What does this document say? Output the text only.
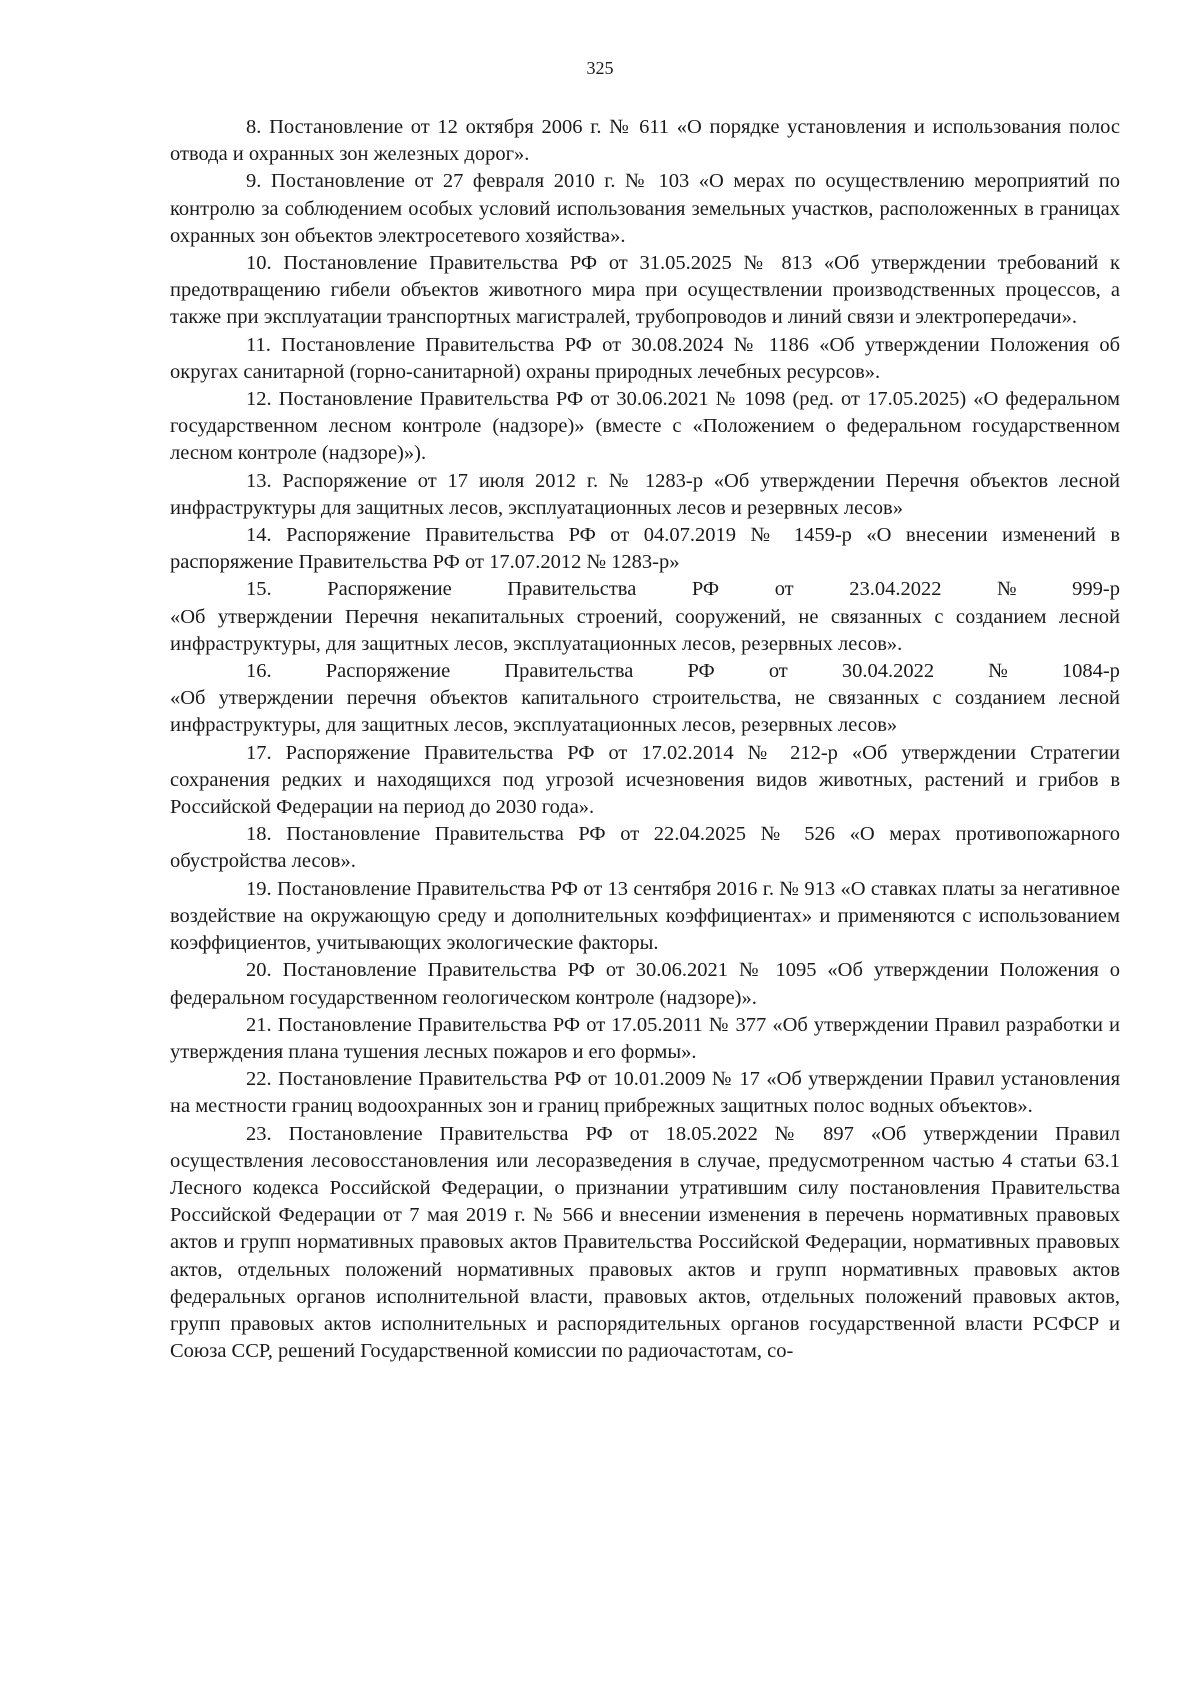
325

8. Постановление от 12 октября 2006 г. № 611 «О порядке установления и использования полос отвода и охранных зон железных дорог».

9. Постановление от 27 февраля 2010 г. № 103 «О мерах по осуществлению мероприятий по контролю за соблюдением особых условий использования земельных участков, расположенных в границах охранных зон объектов электросетевого хозяйства».

10. Постановление Правительства РФ от 31.05.2025 № 813 «Об утверждении требований к предотвращению гибели объектов животного мира при осуществлении производственных процессов, а также при эксплуатации транспортных магистралей, трубопроводов и линий связи и электропередачи».

11. Постановление Правительства РФ от 30.08.2024 № 1186 «Об утверждении Положения об округах санитарной (горно-санитарной) охраны природных лечебных ресурсов».

12. Постановление Правительства РФ от 30.06.2021 № 1098 (ред. от 17.05.2025) «О федеральном государственном лесном контроле (надзоре)» (вместе с «Положением о федеральном государственном лесном контроле (надзоре)»).

13. Распоряжение от 17 июля 2012 г. № 1283-р «Об утверждении Перечня объектов лесной инфраструктуры для защитных лесов, эксплуатационных лесов и резервных лесов»

14. Распоряжение Правительства РФ от 04.07.2019 № 1459-р «О внесении изменений в распоряжение Правительства РФ от 17.07.2012 № 1283-р»

15.	Распоряжение	Правительства	РФ	от	23.04.2022	№	999-р
«Об утверждении Перечня некапитальных строений, сооружений, не связанных с созданием лесной инфраструктуры, для защитных лесов, эксплуатационных лесов, резервных лесов».
16.	Распоряжение	Правительства	РФ	от	30.04.2022	№	1084-р
«Об утверждении перечня объектов капитального строительства, не связанных с созданием лесной инфраструктуры, для защитных лесов, эксплуатационных лесов, резервных лесов»

17. Распоряжение Правительства РФ от 17.02.2014 № 212-р «Об утверждении Стратегии сохранения редких и находящихся под угрозой исчезновения видов животных, растений и грибов в Российской Федерации на период до 2030 года».

18. Постановление Правительства РФ от 22.04.2025 № 526 «О мерах противопожарного обустройства лесов».

19. Постановление Правительства РФ от 13 сентября 2016 г. № 913 «О ставках платы за негативное воздействие на окружающую среду и дополнительных коэффициентах» и применяются с использованием коэффициентов, учитывающих экологические факторы.

20. Постановление Правительства РФ от 30.06.2021 № 1095 «Об утверждении Положения о федеральном государственном геологическом контроле (надзоре)».

21. Постановление Правительства РФ от 17.05.2011 № 377 «Об утверждении Правил разработки и утверждения плана тушения лесных пожаров и его формы».

22. Постановление Правительства РФ от 10.01.2009 № 17 «Об утверждении Правил установления на местности границ водоохранных зон и границ прибрежных защитных полос водных объектов».

23. Постановление Правительства РФ от 18.05.2022 № 897 «Об утверждении Правил осуществления лесовосстановления или лесоразведения в случае, предусмотренном частью 4 статьи 63.1 Лесного кодекса Российской Федерации, о признании утратившим силу постановления Правительства Российской Федерации от 7 мая 2019 г. № 566 и внесении изменения в перечень нормативных правовых актов и групп нормативных правовых актов Правительства Российской Федерации, нормативных правовых актов, отдельных положений нормативных правовых актов и групп нормативных правовых актов федеральных органов исполнительной власти, правовых актов, отдельных положений правовых актов, групп правовых актов исполнительных и распорядительных органов государственной власти РСФСР и Союза ССР, решений Государственной комиссии по радиочастотам, со-
